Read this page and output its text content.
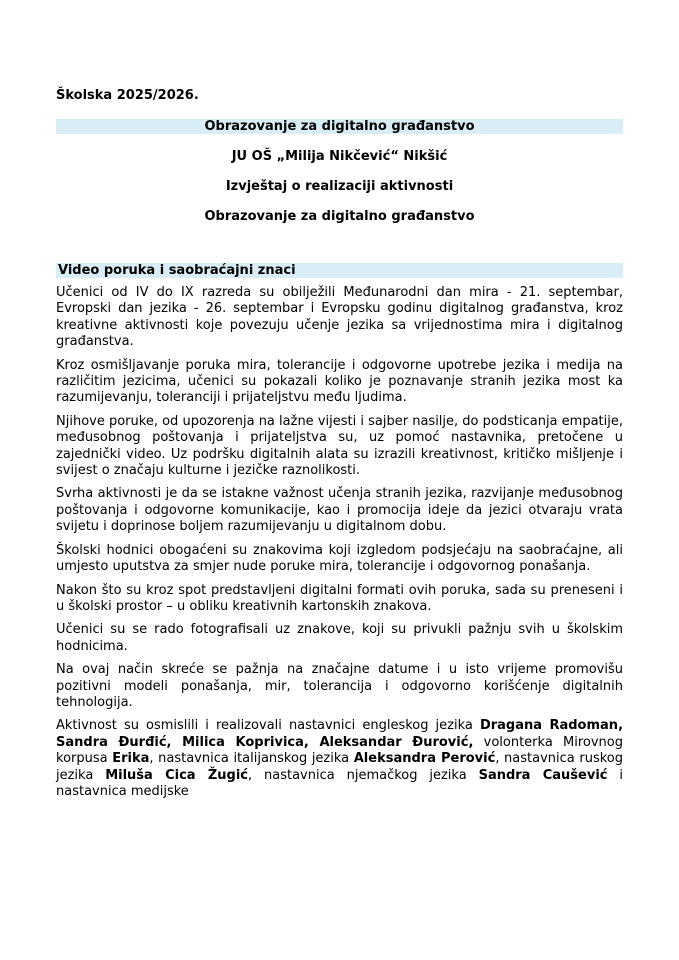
Školska 2025/2026.
Obrazovanje za digitalno građanstvo
JU OŠ „Milija Nikčević“ Nikšić
Izvještaj o realizaciji aktivnosti
Obrazovanje za digitalno građanstvo
Video poruka i saobraćajni znaci

Učenici od IV do IX razreda su obilježili Međunarodni dan mira - 21. septembar, Evropski dan jezika - 26. septembar i Evropsku godinu digitalnog građanstva, kroz kreativne aktivnosti koje povezuju učenje jezika sa vrijednostima mira i digitalnog građanstva.

Kroz osmišljavanje poruka mira, tolerancije i odgovorne upotrebe jezika i medija na različitim jezicima, učenici su pokazali koliko je poznavanje stranih jezika most ka razumijevanju, toleranciji i prijateljstvu među ljudima.

Njihove poruke, od upozorenja na lažne vijesti i sajber nasilje, do podsticanja empatije, međusobnog poštovanja i prijateljstva su, uz pomoć nastavnika, pretočene u zajednički video. Uz podršku digitalnih alata su izrazili kreativnost, kritičko mišljenje i svijest o značaju kulturne i jezičke raznolikosti.

Svrha aktivnosti je da se istakne važnost učenja stranih jezika, razvijanje međusobnog poštovanja i odgovorne komunikacije, kao i promocija ideje da jezici otvaraju vrata svijetu i doprinose boljem razumijevanju u digitalnom dobu.

Školski hodnici obogaćeni su znakovima koji izgledom podsjećaju na saobraćajne, ali umjesto uputstva za smjer nude poruke mira, tolerancije i odgovornog ponašanja.

Nakon što su kroz spot predstavljeni digitalni formati ovih poruka, sada su preneseni i u školski prostor – u obliku kreativnih kartonskih znakova.

Učenici su se rado fotografisali uz znakove, koji su privukli pažnju svih u školskim hodnicima.

Na ovaj način skreće se pažnja na značajne datume i u isto vrijeme promovišu pozitivni modeli ponašanja, mir, tolerancija i odgovorno korišćenje digitalnih tehnologija.

Aktivnost su osmislili i realizovali nastavnici engleskog jezika Dragana Radoman, Sandra Đurđić, Milica Koprivica, Aleksandar Đurović, volonterka Mirovnog korpusa Erika, nastavnica italijanskog jezika Aleksandra Perović, nastavnica ruskog jezika Miluša Cica Žugić, nastavnica njemačkog jezika Sandra Caušević i nastavnica medijske
